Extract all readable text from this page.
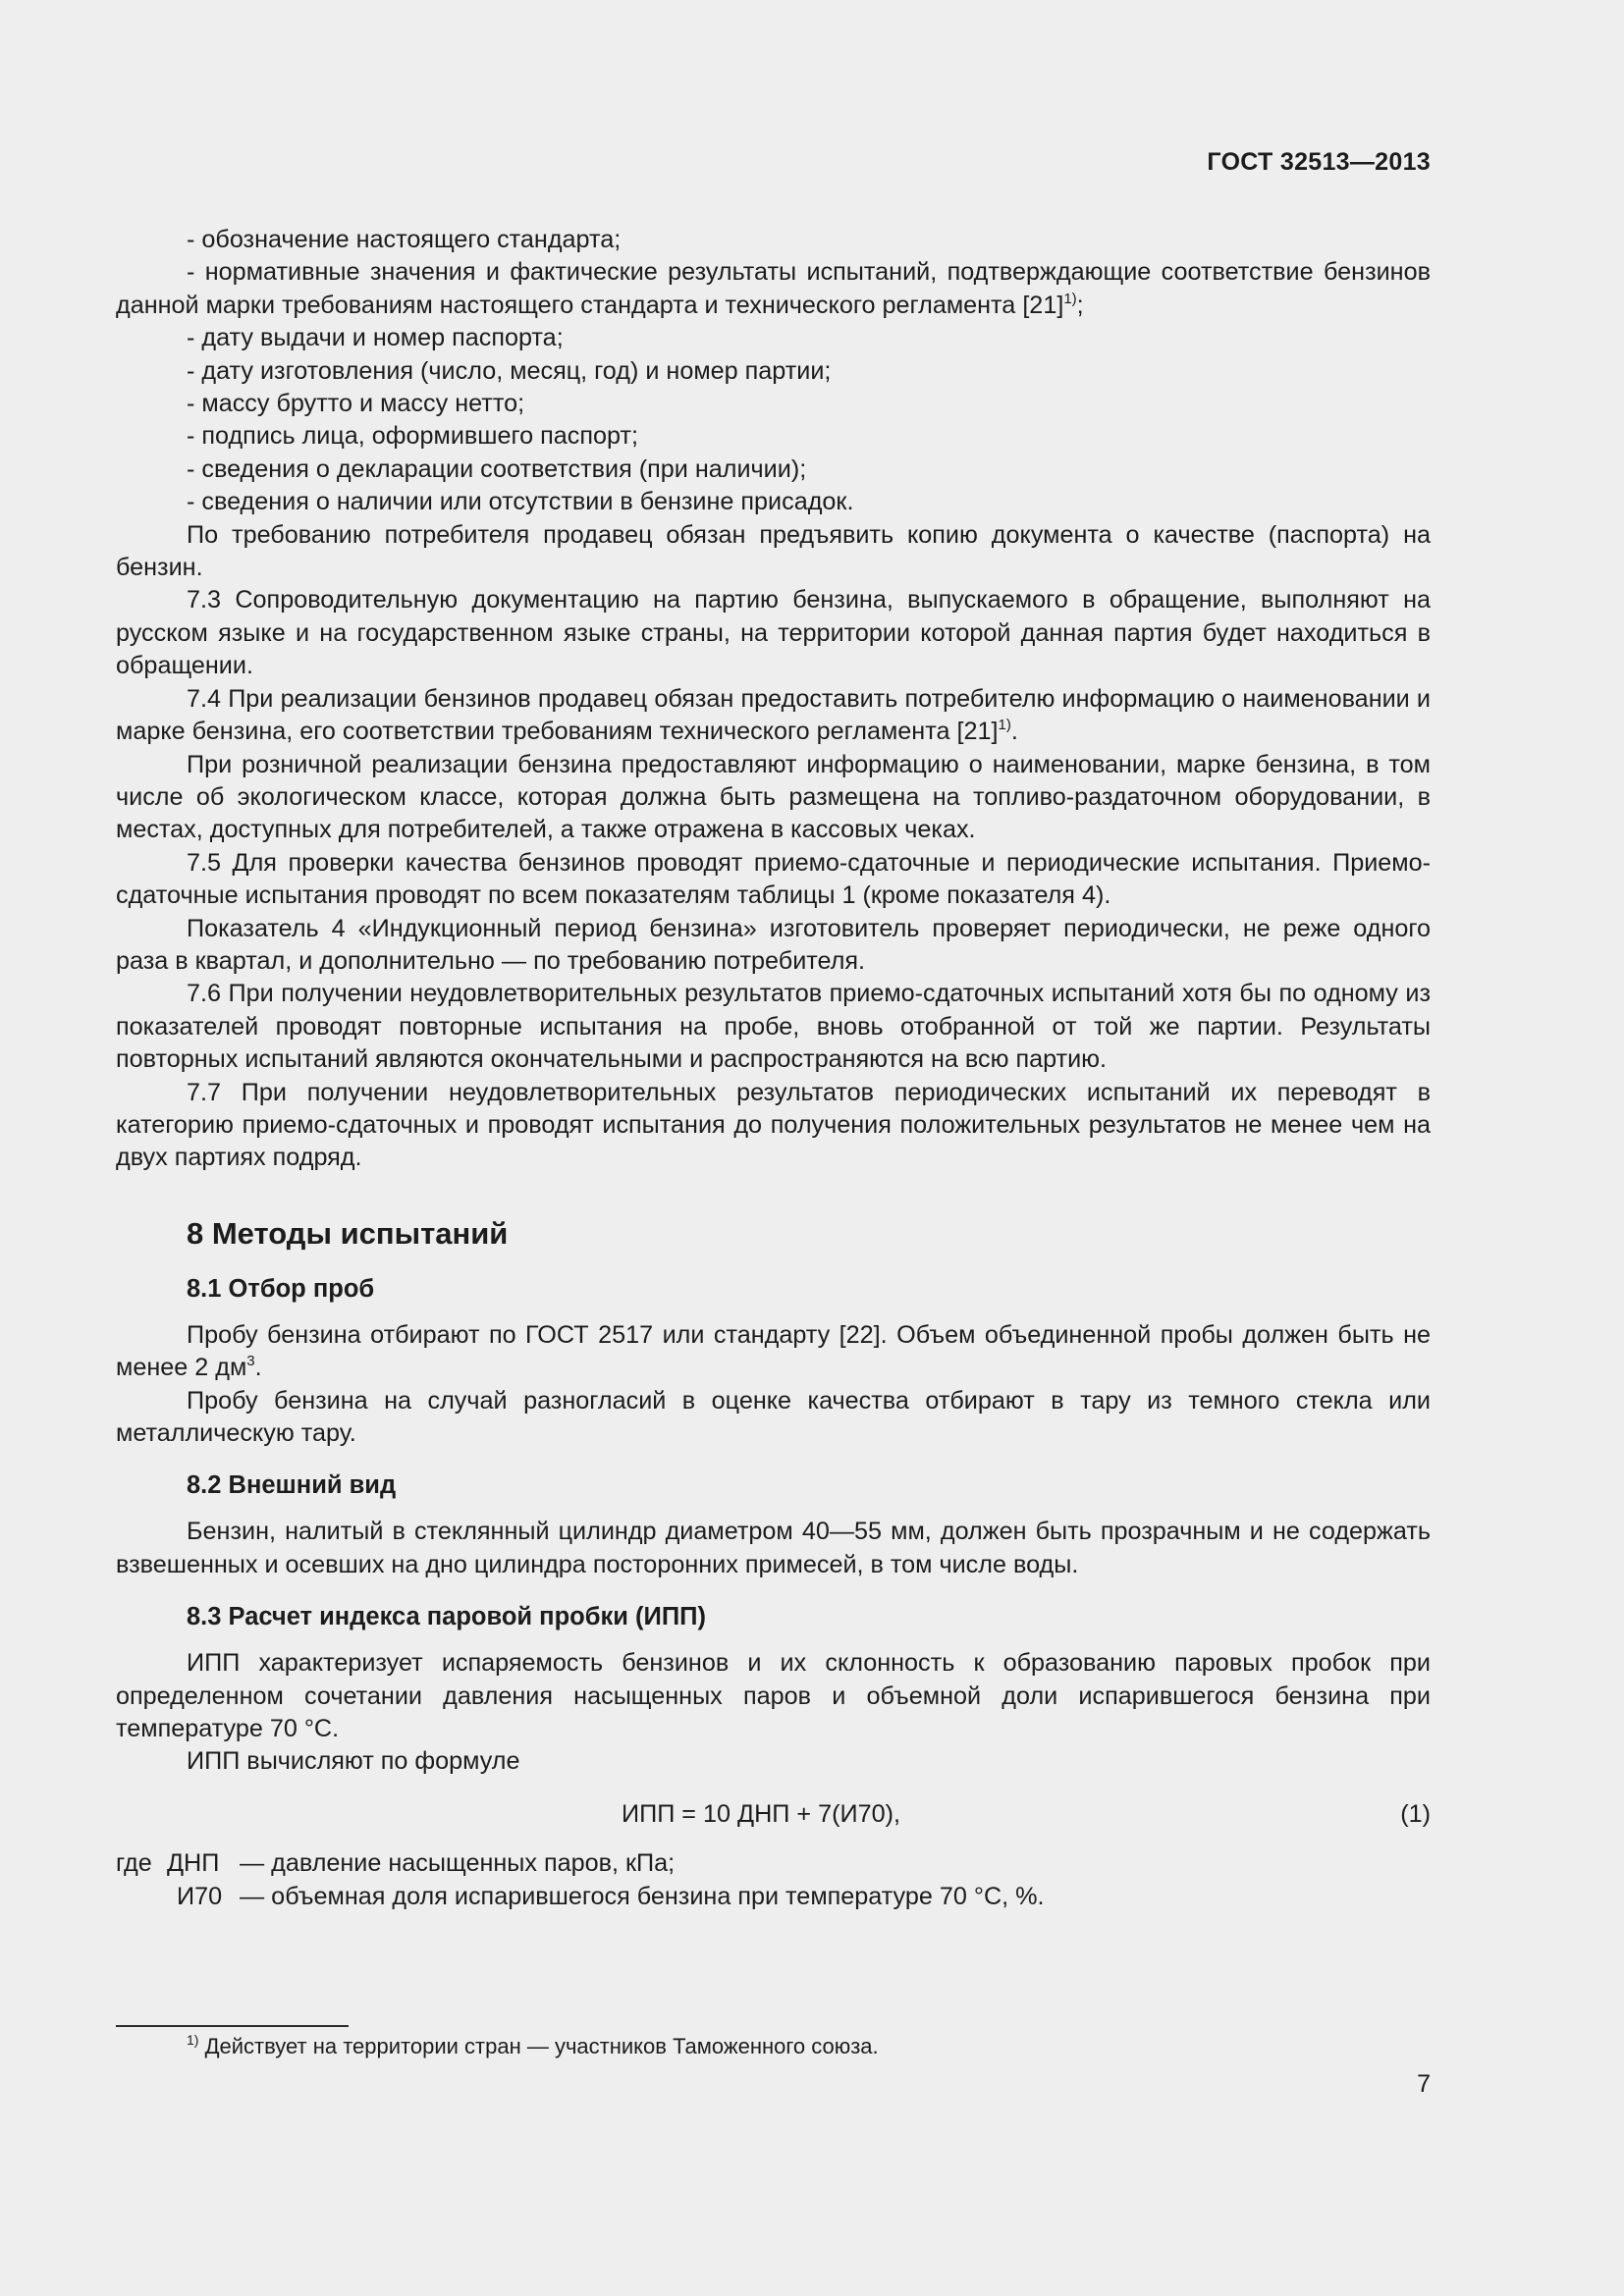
ГОСТ 32513—2013

- обозначение настоящего стандарта;

- нормативные значения и фактические результаты испытаний, подтверждающие соответствие бензинов данной марки требованиям настоящего стандарта и технического регламента $[21]^{1)}$;

- дату выдачи и номер паспорта;

- дату изготовления (число, месяц, год) и номер партии;

- массу брутто и массу нетто;

- подпись лица, оформившего паспорт;

- сведения о декларации соответствия (при наличии);

- сведения о наличии или отсутствии в бензине присадок.

По требованию потребителя продавец обязан предъявить копию документа о качестве (паспорта) на бензин.

7.3 Сопроводительную документацию на партию бензина, выпускаемого в обращение, выполняют на русском языке и на государственном языке страны, на территории которой данная партия будет находиться в обращении.

7.4 При реализации бензинов продавец обязан предоставить потребителю информацию о наименовании и марке бензина, его соответствии требованиям технического регламента $[21]^{1)}$.

При розничной реализации бензина предоставляют информацию о наименовании, марке бензина, в том числе об экологическом классе, которая должна быть размещена на топливо-раздаточном оборудовании, в местах, доступных для потребителей, а также отражена в кассовых чеках.

7.5 Для проверки качества бензинов проводят приемо-сдаточные и периодические испытания. Приемо-сдаточные испытания проводят по всем показателям таблицы 1 (кроме показателя 4).

Показатель 4 «Индукционный период бензина» изготовитель проверяет периодически, не реже одного раза в квартал, и дополнительно — по требованию потребителя.

7.6 При получении неудовлетворительных результатов приемо-сдаточных испытаний хотя бы по одному из показателей проводят повторные испытания на пробе, вновь отобранной от той же партии. Результаты повторных испытаний являются окончательными и распространяются на всю партию.

7.7 При получении неудовлетворительных результатов периодических испытаний их переводят в категорию приемо-сдаточных и проводят испытания до получения положительных результатов не менее чем на двух партиях подряд.

8 Методы испытаний
8.1 Отбор проб

Пробу бензина отбирают по ГОСТ 2517 или стандарту [22]. Объем объединенной пробы должен быть не менее 2 $дм^3$.

Пробу бензина на случай разногласий в оценке качества отбирают в тару из темного стекла или металлическую тару.

8.2 Внешний вид

Бензин, налитый в стеклянный цилиндр диаметром 40—55 мм, должен быть прозрачным и не содержать взвешенных и осевших на дно цилиндра посторонних примесей, в том числе воды.

8.3 Расчет индекса паровой пробки (ИПП)

ИПП характеризует испаряемость бензинов и их склонность к образованию паровых пробок при определенном сочетании давления насыщенных паров и объемной доли испарившегося бензина при температуре 70 °С.

ИПП вычисляют по формуле

ИПП = 10 ДНП + 7(И70),	(1)
где ДНП — давление насыщенных паров, кПа;
И70 — объемная доля испарившегося бензина при температуре 70 °С, %.
$^{1)}$ Действует на территории стран — участников Таможенного союза.
7
